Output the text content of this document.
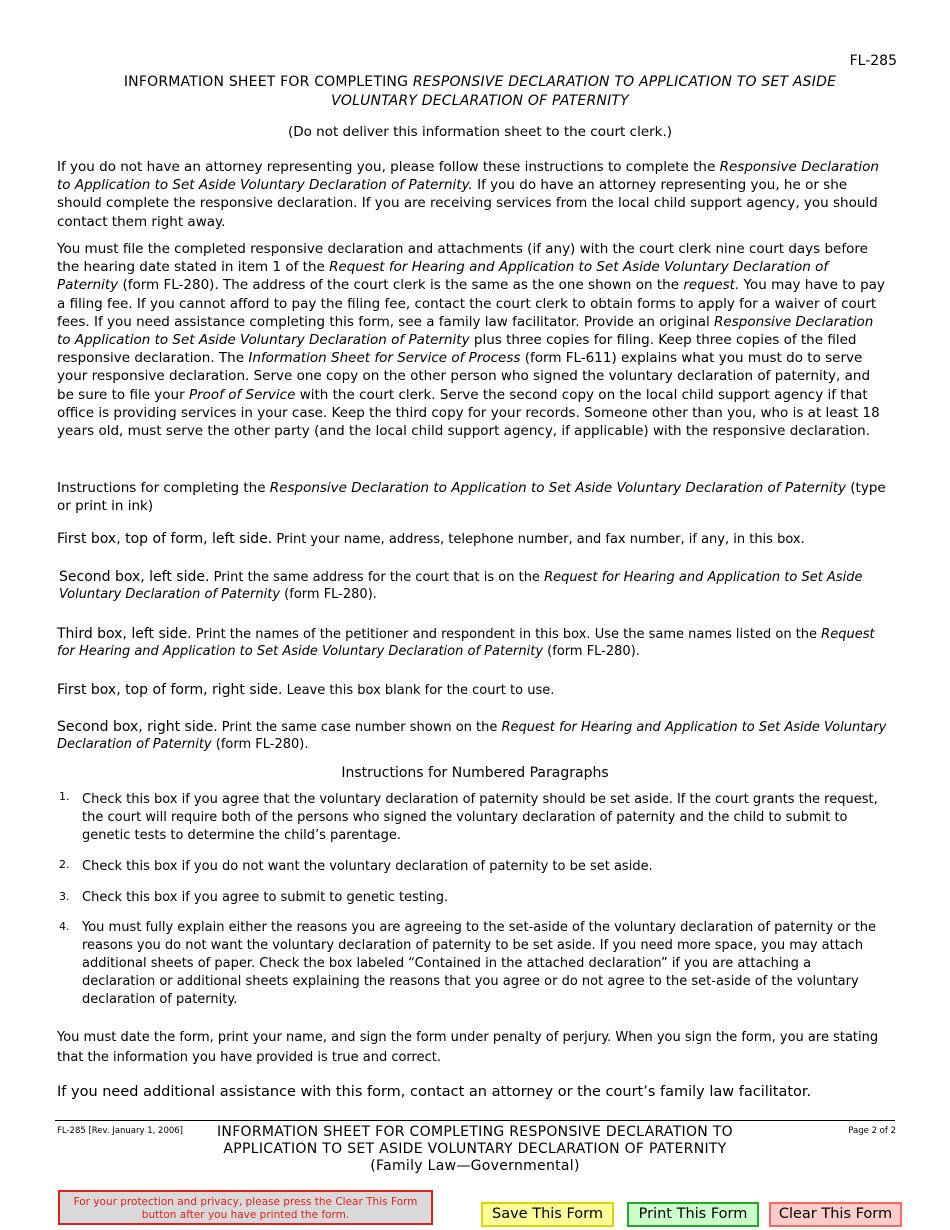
FL-285
INFORMATION SHEET FOR COMPLETING RESPONSIVE DECLARATION TO APPLICATION TO SET ASIDE
VOLUNTARY DECLARATION OF PATERNITY
(Do not deliver this information sheet to the court clerk.)
If you do not have an attorney representing you, please follow these instructions to complete the Responsive Declaration to Application to Set Aside Voluntary Declaration of Paternity. If you do have an attorney representing you, he or she should complete the responsive declaration. If you are receiving services from the local child support agency, you should contact them right away.
You must file the completed responsive declaration and attachments (if any) with the court clerk nine court days before the hearing date stated in item 1 of the Request for Hearing and Application to Set Aside Voluntary Declaration of Paternity (form FL-280). The address of the court clerk is the same as the one shown on the request. You may have to pay a filing fee. If you cannot afford to pay the filing fee, contact the court clerk to obtain forms to apply for a waiver of court fees. If you need assistance completing this form, see a family law facilitator. Provide an original Responsive Declaration to Application to Set Aside Voluntary Declaration of Paternity plus three copies for filing. Keep three copies of the filed responsive declaration. The Information Sheet for Service of Process (form FL-611) explains what you must do to serve your responsive declaration. Serve one copy on the other person who signed the voluntary declaration of paternity, and be sure to file your Proof of Service with the court clerk. Serve the second copy on the local child support agency if that office is providing services in your case. Keep the third copy for your records. Someone other than you, who is at least 18 years old, must serve the other party (and the local child support agency, if applicable) with the responsive declaration.
Instructions for completing the Responsive Declaration to Application to Set Aside Voluntary Declaration of Paternity (type or print in ink)
First box, top of form, left side. Print your name, address, telephone number, and fax number, if any, in this box.
Second box, left side. Print the same address for the court that is on the Request for Hearing and Application to Set Aside Voluntary Declaration of Paternity (form FL-280).
Third box, left side. Print the names of the petitioner and respondent in this box. Use the same names listed on the Request for Hearing and Application to Set Aside Voluntary Declaration of Paternity (form FL-280).
First box, top of form, right side. Leave this box blank for the court to use.
Second box, right side. Print the same case number shown on the Request for Hearing and Application to Set Aside Voluntary Declaration of Paternity (form FL-280).
Instructions for Numbered Paragraphs
1. Check this box if you agree that the voluntary declaration of paternity should be set aside. If the court grants the request, the court will require both of the persons who signed the voluntary declaration of paternity and the child to submit to genetic tests to determine the child’s parentage.
2. Check this box if you do not want the voluntary declaration of paternity to be set aside.
3. Check this box if you agree to submit to genetic testing.
4. You must fully explain either the reasons you are agreeing to the set-aside of the voluntary declaration of paternity or the reasons you do not want the voluntary declaration of paternity to be set aside. If you need more space, you may attach additional sheets of paper. Check the box labeled “Contained in the attached declaration” if you are attaching a declaration or additional sheets explaining the reasons that you agree or do not agree to the set-aside of the voluntary declaration of paternity.
You must date the form, print your name, and sign the form under penalty of perjury. When you sign the form, you are stating that the information you have provided is true and correct.
If you need additional assistance with this form, contact an attorney or the court’s family law facilitator.
FL-285 [Rev. January 1, 2006]	INFORMATION SHEET FOR COMPLETING RESPONSIVE DECLARATION TO
APPLICATION TO SET ASIDE VOLUNTARY DECLARATION OF PATERNITY
(Family Law—Governmental)
Page 2 of 2
For your protection and privacy, please press the Clear This Form button after you have printed the form.	Save This Form	Print This Form	Clear This Form
